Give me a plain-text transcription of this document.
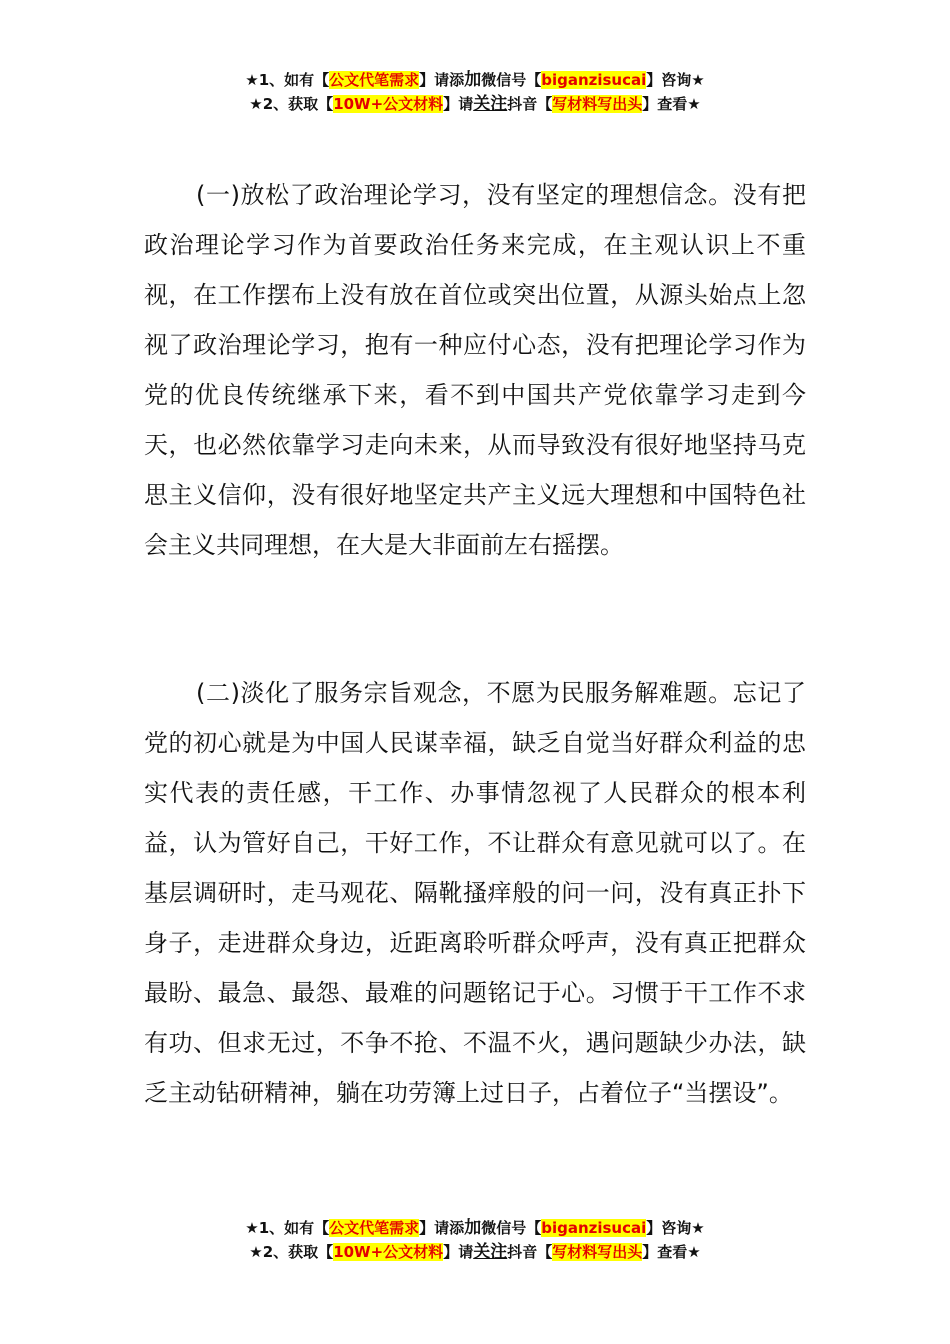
★1、如有【公文代笔需求】请添加微信号【biganzisucai】咨询★
★2、获取【10W+公文材料】请关注抖音【写材料写出头】查看★

(一)放松了政治理论学习，没有坚定的理想信念。没有把政治理论学习作为首要政治任务来完成，在主观认识上不重视，在工作摆布上没有放在首位或突出位置，从源头始点上忽视了政治理论学习，抱有一种应付心态，没有把理论学习作为党的优良传统继承下来，看不到中国共产党依靠学习走到今天，也必然依靠学习走向未来，从而导致没有很好地坚持马克思主义信仰，没有很好地坚定共产主义远大理想和中国特色社会主义共同理想，在大是大非面前左右摇摆。

(二)淡化了服务宗旨观念，不愿为民服务解难题。忘记了党的初心就是为中国人民谋幸福，缺乏自觉当好群众利益的忠实代表的责任感，干工作、办事情忽视了人民群众的根本利益，认为管好自己，干好工作，不让群众有意见就可以了。在基层调研时，走马观花、隔靴搔痒般的问一问，没有真正扑下身子，走进群众身边，近距离聆听群众呼声，没有真正把群众最盼、最急、最怨、最难的问题铭记于心。习惯于干工作不求有功、但求无过，不争不抢、不温不火，遇问题缺少办法，缺乏主动钻研精神，躺在功劳簿上过日子，占着位子“当摆设”。

★1、如有【公文代笔需求】请添加微信号【biganzisucai】咨询★
★2、获取【10W+公文材料】请关注抖音【写材料写出头】查看★
